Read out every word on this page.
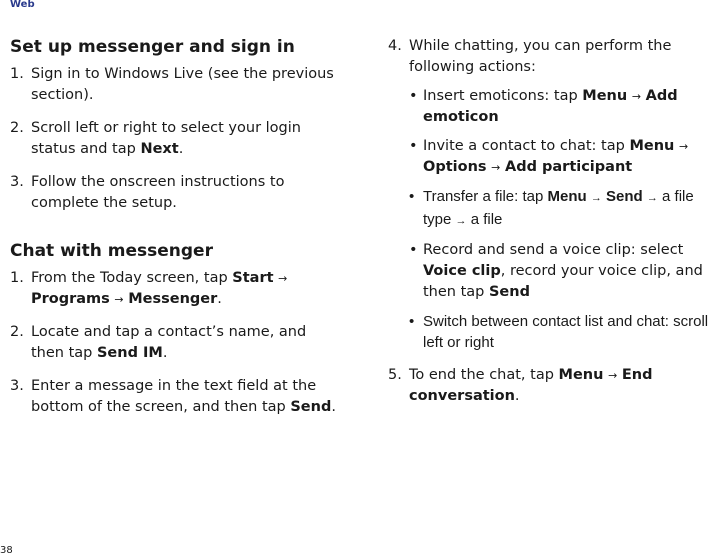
Web
Set up messenger and sign in
1. Sign in to Windows Live (see the previous section).
2. Scroll left or right to select your login status and tap Next.
3. Follow the onscreen instructions to complete the setup.
Chat with messenger
1. From the Today screen, tap Start → Programs → Messenger.
2. Locate and tap a contact’s name, and then tap Send IM.
3. Enter a message in the text field at the bottom of the screen, and then tap Send.
4. While chatting, you can perform the following actions:
• Insert emoticons: tap Menu → Add emoticon
• Invite a contact to chat: tap Menu → Options → Add participant
• Transfer a file: tap Menu → Send → a file type → a file
• Record and send a voice clip: select Voice clip, record your voice clip, and then tap Send
• Switch between contact list and chat: scroll left or right
5. To end the chat, tap Menu → End conversation.
38
